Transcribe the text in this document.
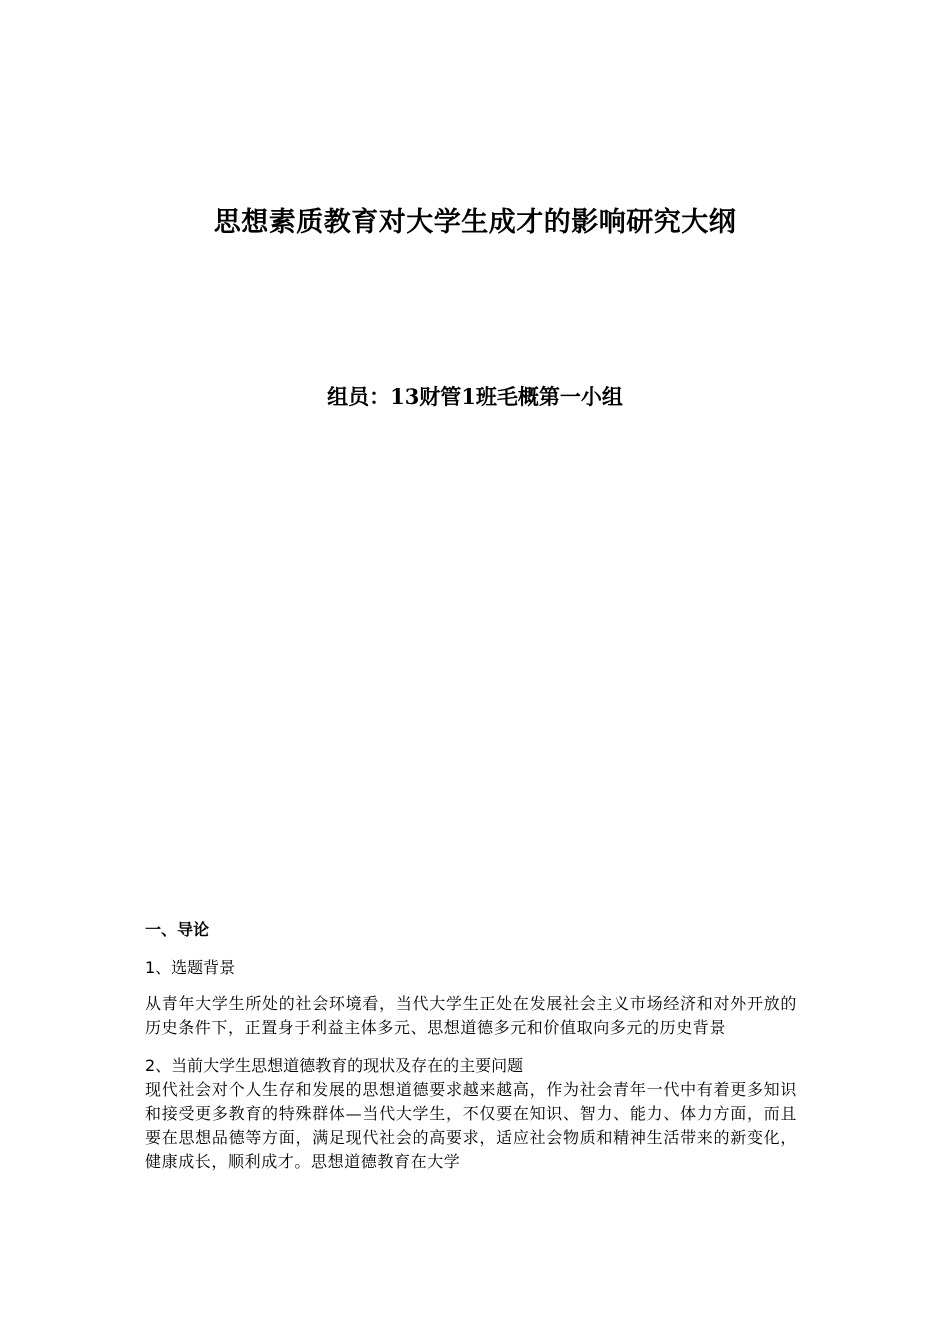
思想素质教育对大学生成才的影响研究大纲
组员：13财管1班毛概第一小组
一、导论
1、选题背景

从青年大学生所处的社会环境看，当代大学生正处在发展社会主义市场经济和对外开放的历史条件下，正置身于利益主体多元、思想道德多元和价值取向多元的历史背景

2、当前大学生思想道德教育的现状及存在的主要问题

现代社会对个人生存和发展的思想道德要求越来越高，作为社会青年一代中有着更多知识和接受更多教育的特殊群体—当代大学生，不仅要在知识、智力、能力、体力方面，而且要在思想品德等方面，满足现代社会的高要求，适应社会物质和精神生活带来的新变化，健康成长，顺利成才。思想道德教育在大学
